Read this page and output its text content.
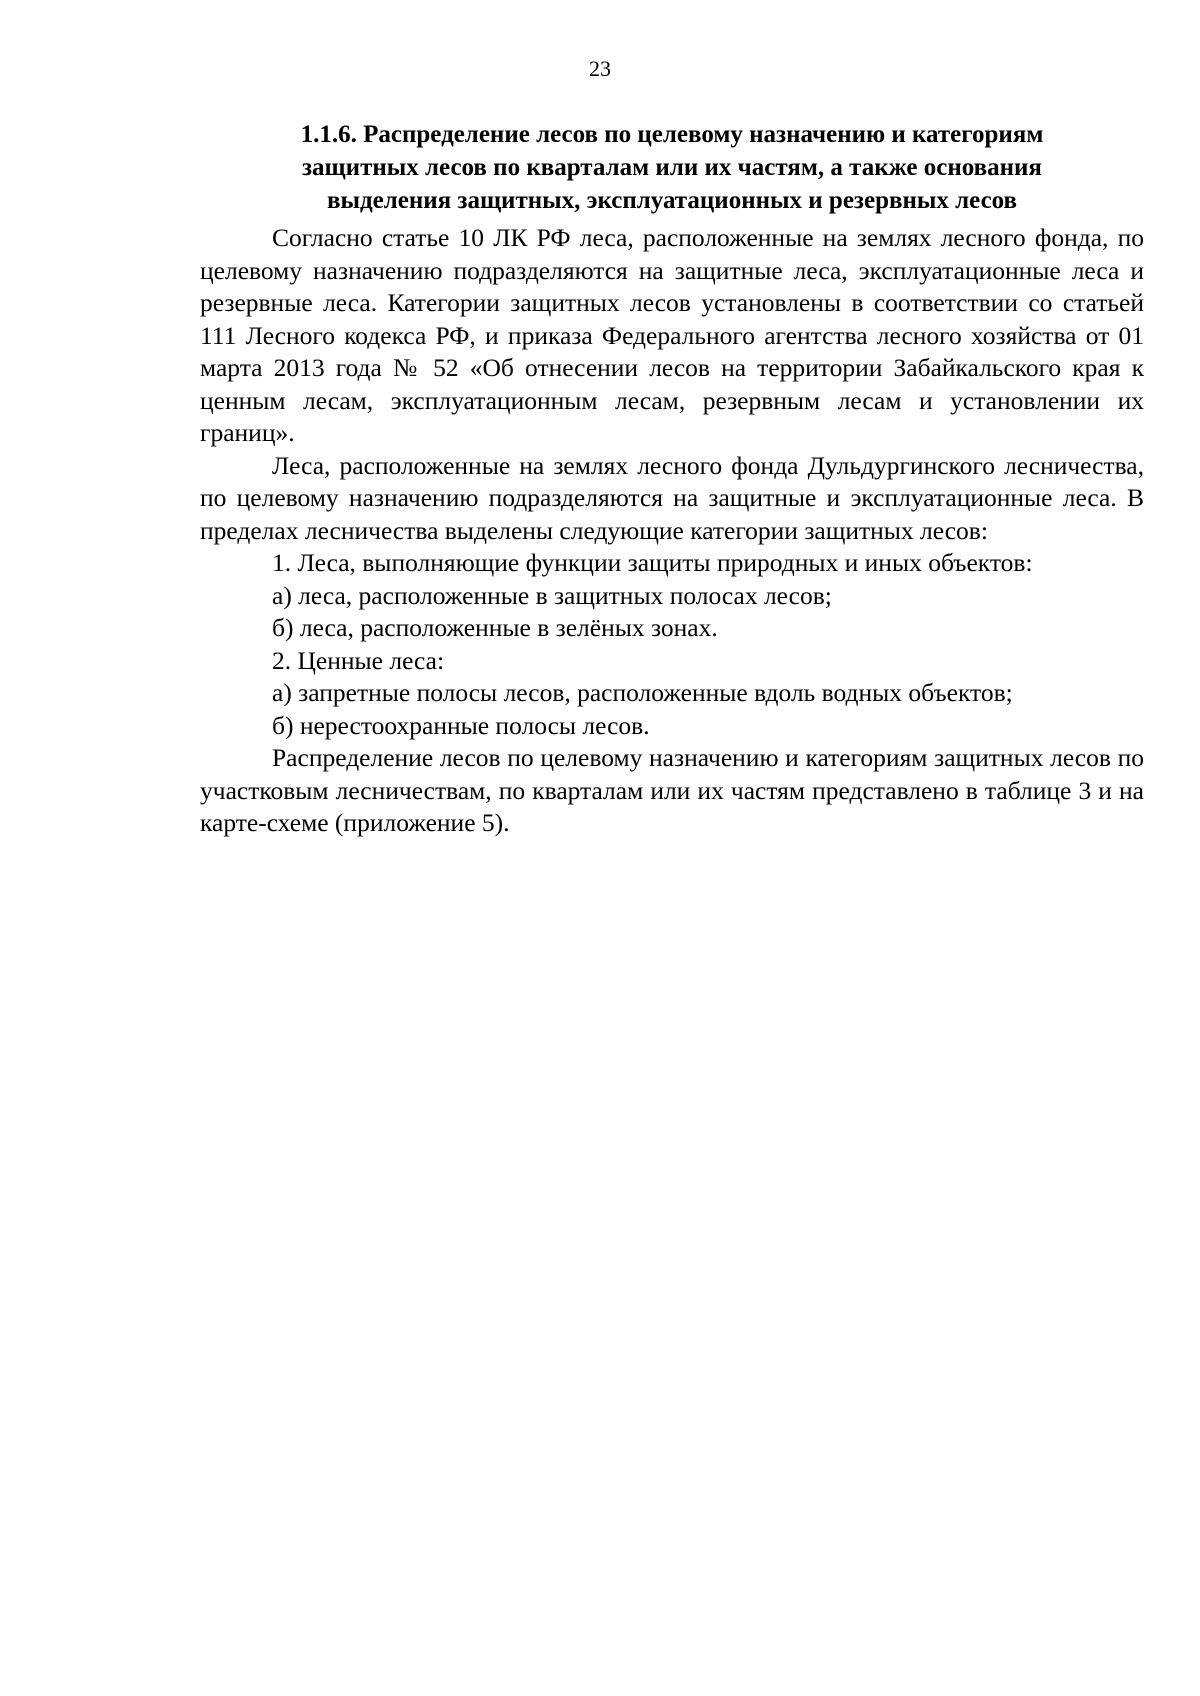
23
1.1.6. Распределение лесов по целевому назначению и категориям
защитных лесов по кварталам или их частям, а также основания
выделения защитных, эксплуатационных и резервных лесов

Согласно статье 10 ЛК РФ леса, расположенные на землях лесного фонда, по целевому назначению подразделяются на защитные леса, эксплуатационные леса и резервные леса. Категории защитных лесов установлены в соответствии со статьей 111 Лесного кодекса РФ, и приказа Федерального агентства лесного хозяйства от 01 марта 2013 года № 52 «Об отнесении лесов на территории Забайкальского края к ценным лесам, эксплуатационным лесам, резервным лесам и установлении их границ».

Леса, расположенные на землях лесного фонда Дульдургинского лесничества, по целевому назначению подразделяются на защитные и эксплуатационные леса. В пределах лесничества выделены следующие категории защитных лесов:

1. Леса, выполняющие функции защиты природных и иных объектов:

а) леса, расположенные в защитных полосах лесов;

б) леса, расположенные в зелёных зонах.

2. Ценные леса:

а) запретные полосы лесов, расположенные вдоль водных объектов;

б) нерестоохранные полосы лесов.

Распределение лесов по целевому назначению и категориям защитных лесов по участковым лесничествам, по кварталам или их частям представлено в таблице 3 и на карте-схеме (приложение 5).
